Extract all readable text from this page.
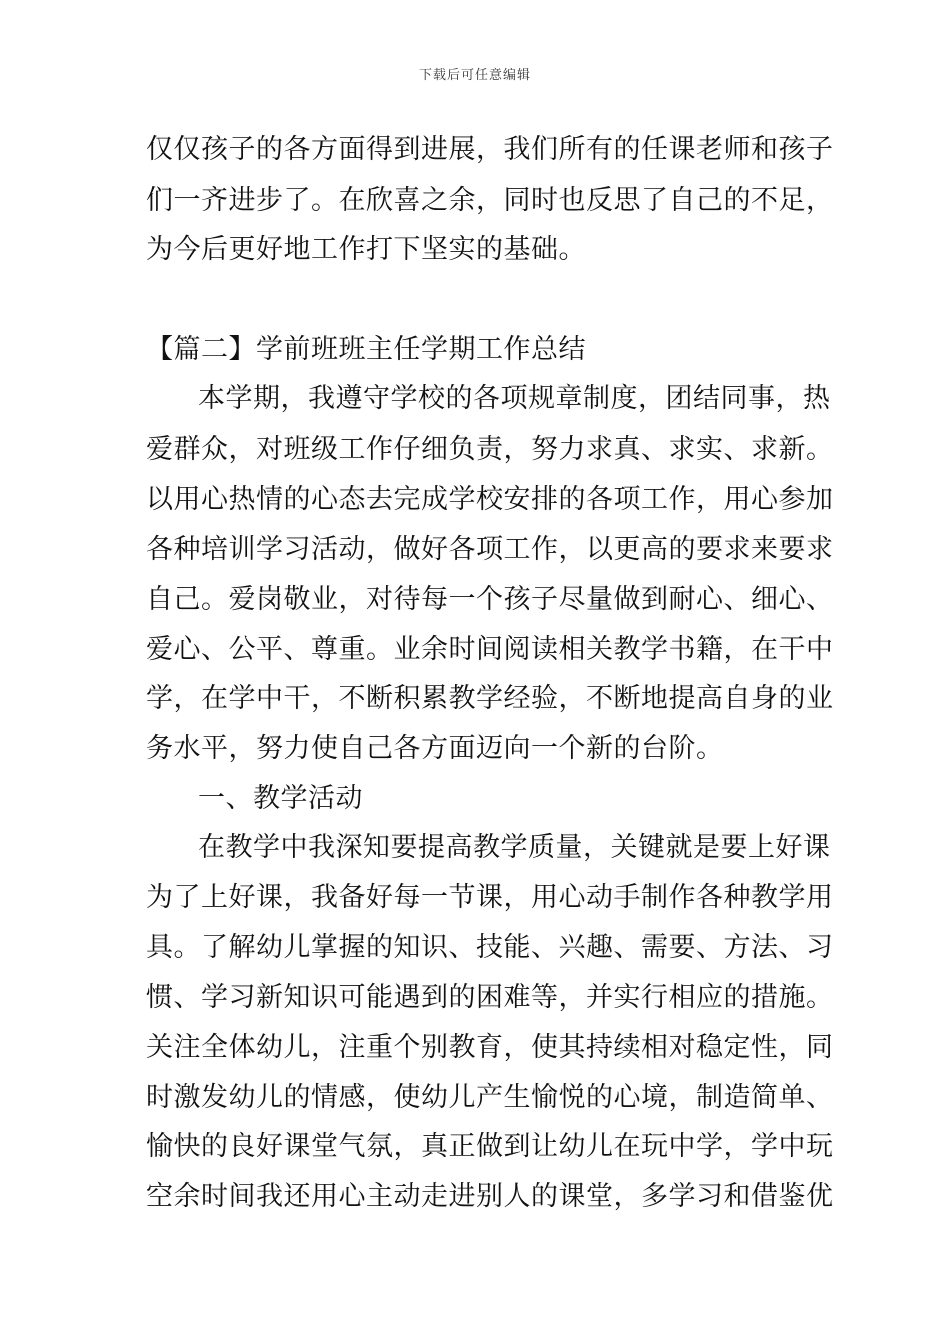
下载后可任意编辑
仅仅孩子的各方面得到进展，我们所有的任课老师和孩子
们一齐进步了。在欣喜之余，同时也反思了自己的不足，
为今后更好地工作打下坚实的基础。
【篇二】学前班班主任学期工作总结
本学期，我遵守学校的各项规章制度，团结同事，热
爱群众，对班级工作仔细负责，努力求真、求实、求新。
以用心热情的心态去完成学校安排的各项工作，用心参加
各种培训学习活动，做好各项工作，以更高的要求来要求
自己。爱岗敬业，对待每一个孩子尽量做到耐心、细心、
爱心、公平、尊重。业余时间阅读相关教学书籍，在干中
学，在学中干，不断积累教学经验，不断地提高自身的业
务水平，努力使自己各方面迈向一个新的台阶。
一、教学活动
在教学中我深知要提高教学质量，关键就是要上好课
为了上好课，我备好每一节课，用心动手制作各种教学用
具。了解幼儿掌握的知识、技能、兴趣、需要、方法、习
惯、学习新知识可能遇到的困难等，并实行相应的措施。
关注全体幼儿，注重个别教育，使其持续相对稳定性，同
时激发幼儿的情感，使幼儿产生愉悦的心境，制造简单、
愉快的良好课堂气氛，真正做到让幼儿在玩中学，学中玩
空余时间我还用心主动走进别人的课堂，多学习和借鉴优
